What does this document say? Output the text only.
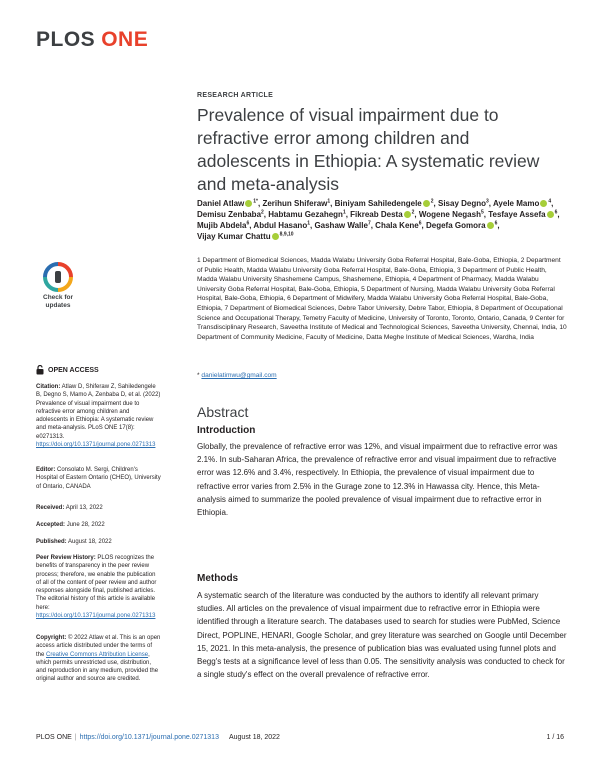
PLOS ONE
Check for updates
OPEN ACCESS
Citation: Atlaw D, Shiferaw Z, Sahiledengele B, Degno S, Mamo A, Zenbaba D, et al. (2022) Prevalence of visual impairment due to refractive error among children and adolescents in Ethiopia: A systematic review and meta-analysis. PLoS ONE 17(8): e0271313. https://doi.org/10.1371/journal.pone.0271313
Editor: Consolato M. Sergi, Children's Hospital of Eastern Ontario (CHEO), University of Ontario, CANADA
Received: April 13, 2022
Accepted: June 28, 2022
Published: August 18, 2022
Peer Review History: PLOS recognizes the benefits of transparency in the peer review process; therefore, we enable the publication of all of the content of peer review and author responses alongside final, published articles. The editorial history of this article is available here: https://doi.org/10.1371/journal.pone.0271313
Copyright: © 2022 Atlaw et al. This is an open access article distributed under the terms of the Creative Commons Attribution License, which permits unrestricted use, distribution, and reproduction in any medium, provided the original author and source are credited.
RESEARCH ARTICLE
Prevalence of visual impairment due to refractive error among children and adolescents in Ethiopia: A systematic review and meta-analysis
Daniel Atlaw $^{1*}$, Zerihun Shiferaw$^1$, Biniyam Sahiledengele $^2$, Sisay Degno$^3$, Ayele Mamo $^4$, Demisu Zenbaba$^2$, Habtamu Gezahegn$^1$, Fikreab Desta $^2$, Wogene Negash$^5$, Tesfaye Assefa $^6$, Mujib Abdela$^6$, Abdul Hasano$^1$, Gashaw Walle$^7$, Chala Kene$^6$, Degefa Gomora $^6$, Vijay Kumar Chattu $^{8,9,10}$
1 Department of Biomedical Sciences, Madda Walabu University Goba Referral Hospital, Bale-Goba, Ethiopia, 2 Department of Public Health, Madda Walabu University Goba Referral Hospital, Bale-Goba, Ethiopia, 3 Department of Public Health, Madda Walabu University Shashemene Campus, Shashemene, Ethiopia, 4 Department of Pharmacy, Madda Walabu University Goba Referral Hospital, Bale-Goba, Ethiopia, 5 Department of Nursing, Madda Walabu University Goba Referral Hospital, Bale-Goba, Ethiopia, 6 Department of Midwifery, Madda Walabu University Goba Referral Hospital, Bale-Goba, Ethiopia, 7 Department of Biomedical Sciences, Debre Tabor University, Debre Tabor, Ethiopia, 8 Department of Occupational Science and Occupational Therapy, Temetry Faculty of Medicine, University of Toronto, Toronto, Ontario, Canada, 9 Center for Transdisciplinary Research, Saveetha Institute of Medical and Technological Sciences, Saveetha University, Chennai, India, 10 Department of Community Medicine, Faculty of Medicine, Datta Meghe Institute of Medical Sciences, Wardha, India
* danielatimwu@gmail.com
Abstract
Introduction

Globally, the prevalence of refractive error was 12%, and visual impairment due to refractive error was 2.1%. In sub-Saharan Africa, the prevalence of refractive error and visual impairment due to refractive error was 12.6% and 3.4%, respectively. In Ethiopia, the prevalence of visual impairment due to refractive error varies from 2.5% in the Gurage zone to 12.3% in Hawassa city. Hence, this Meta-analysis aimed to summarize the pooled prevalence of visual impairment due to refractive error in Ethiopia.

Methods

A systematic search of the literature was conducted by the authors to identify all relevant primary studies. All articles on the prevalence of visual impairment due to refractive error in Ethiopia were identified through a literature search. The databases used to search for studies were PubMed, Science Direct, POPLINE, HENARI, Google Scholar, and grey literature was searched on Google until December 15, 2021. In this meta-analysis, the presence of publication bias was evaluated using funnel plots and Begg's tests at a significance level of less than 0.05. The sensitivity analysis was conducted to check for a single study's effect on the overall prevalence of refractive error.

PLOS ONE | https://doi.org/10.1371/journal.pone.0271313 August 18, 2022	1 / 16
